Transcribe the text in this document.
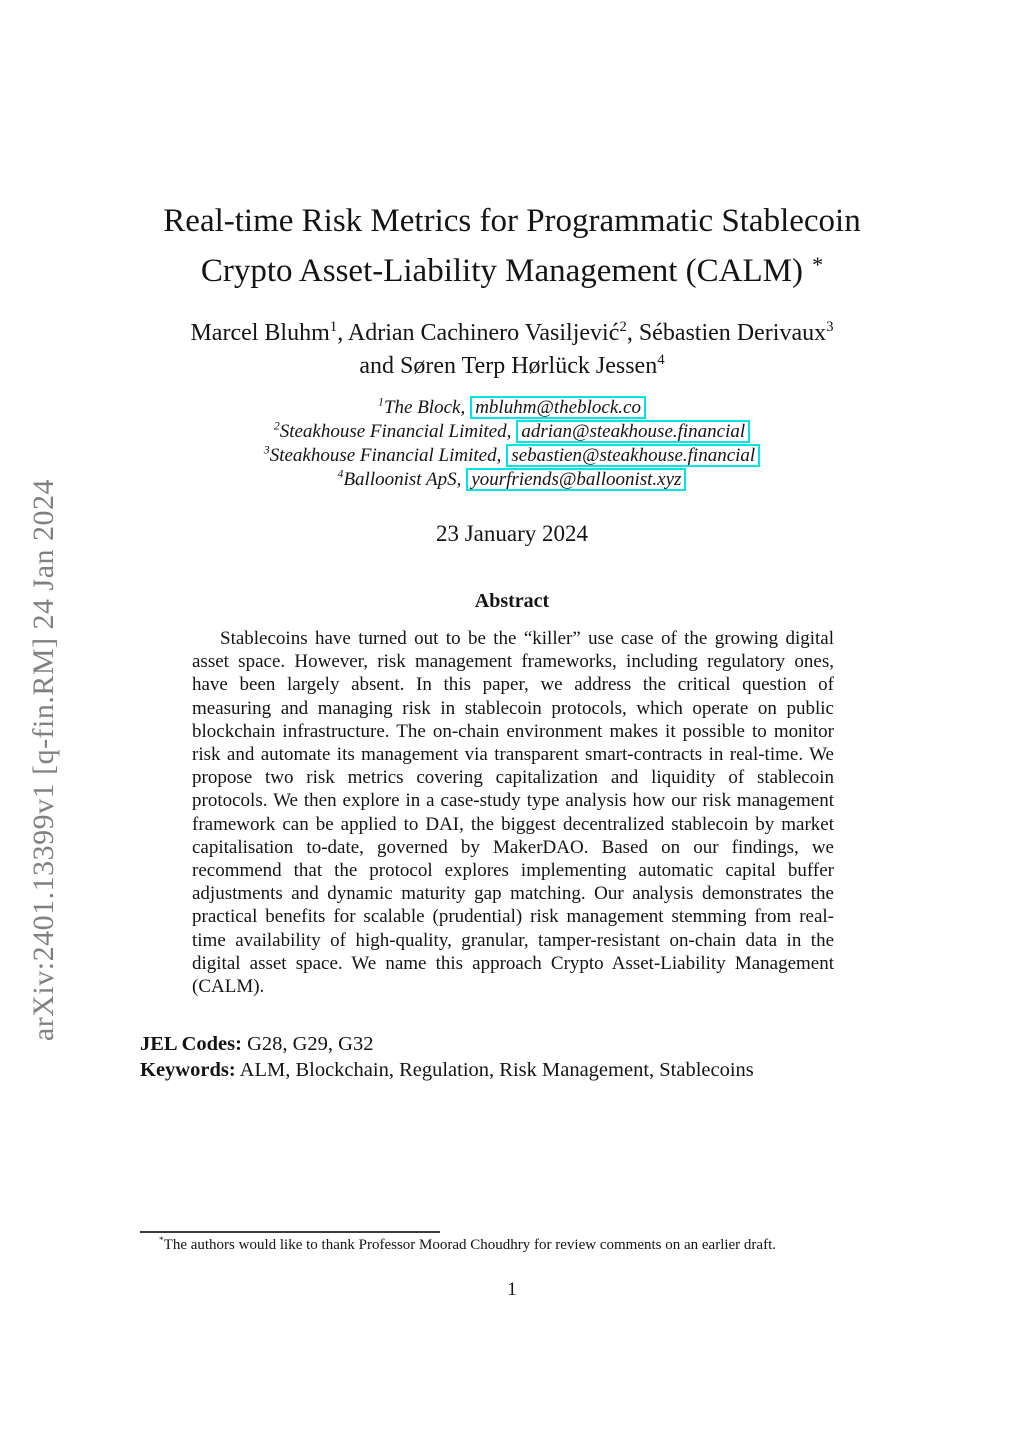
arXiv:2401.13399v1 [q-fin.RM] 24 Jan 2024
Real-time Risk Metrics for Programmatic Stablecoin
Crypto Asset-Liability Management (CALM) *
Marcel Bluhm$^1$, Adrian Cachinero Vasiljević$^2$, Sébastien Derivaux$^3$
and Søren Terp Hørlück Jessen$^4$
$^1$The Block, mbluhm@theblock.co
$^2$Steakhouse Financial Limited, adrian@steakhouse.financial
$^3$Steakhouse Financial Limited, sebastien@steakhouse.financial
$^4$Balloonist ApS, yourfriends@balloonist.xyz
23 January 2024
Abstract

Stablecoins have turned out to be the “killer” use case of the growing digital asset space. However, risk management frameworks, including regulatory ones, have been largely absent. In this paper, we address the critical question of measuring and managing risk in stablecoin protocols, which operate on public blockchain infrastructure. The on-chain environment makes it possible to monitor risk and automate its management via transparent smart-contracts in real-time. We propose two risk metrics covering capitalization and liquidity of stablecoin protocols. We then explore in a case-study type analysis how our risk management framework can be applied to DAI, the biggest decentralized stablecoin by market capitalisation to-date, governed by MakerDAO. Based on our findings, we recommend that the protocol explores implementing automatic capital buffer adjustments and dynamic maturity gap matching. Our analysis demonstrates the practical benefits for scalable (prudential) risk management stemming from real-time availability of high-quality, granular, tamper-resistant on-chain data in the digital asset space. We name this approach Crypto Asset-Liability Management (CALM).

JEL Codes: G28, G29, G32
Keywords: ALM, Blockchain, Regulation, Risk Management, Stablecoins
*The authors would like to thank Professor Moorad Choudhry for review comments on an earlier draft.
1
